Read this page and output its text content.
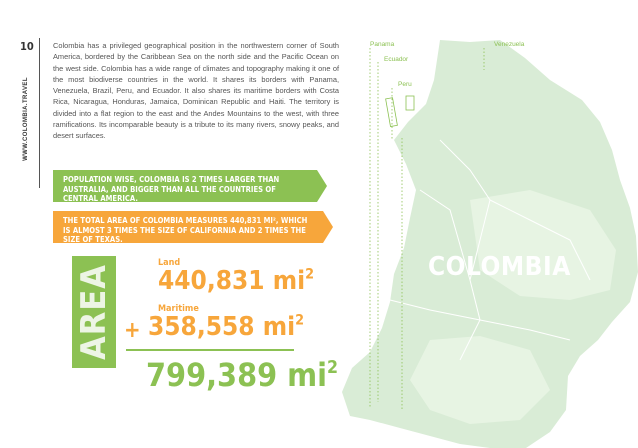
10
WWW.COLOMBIA.TRAVEL

Colombia has a privileged geographical position in the northwestern corner of South America, bordered by the Caribbean Sea on the north side and the Pacific Ocean on the west side. Colombia has a wide range of climates and topography making it one of the most biodiverse countries in the world. It shares its borders with Panama, Venezuela, Brazil, Peru, and Ecuador. It also shares its maritime borders with Costa Rica, Nicaragua, Honduras, Jamaica, Dominican Republic and Haiti. The territory is divided into a flat region to the east and the Andes Mountains to the west, with three ramifications. Its incomparable beauty is a tribute to its many rivers, snowy peaks, and desert surfaces.

Panama
Ecuador
Peru
Venezuela
COLOMBIA
POPULATION WISE, COLOMBIA IS 2 TIMES LARGER THAN AUSTRALIA, AND BIGGER THAN ALL THE COUNTRIES OF CENTRAL AMERICA.
THE TOTAL AREA OF COLOMBIA MEASURES 440,831 MI², WHICH IS ALMOST 3 TIMES THE SIZE OF CALIFORNIA AND 2 TIMES THE SIZE OF TEXAS.
AREA
Land
440,831 $mi^2$
Maritime
+ 358,558 $mi^2$
799,389 $mi^2$
